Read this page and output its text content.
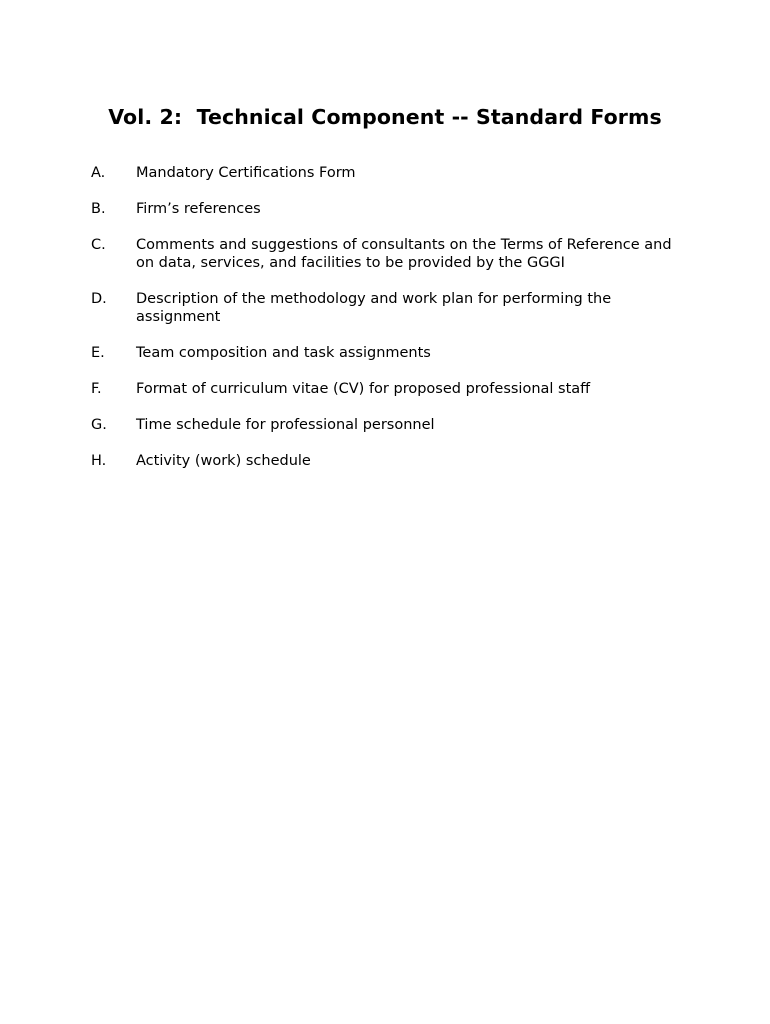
Vol. 2:  Technical Component -- Standard Forms
A.	Mandatory Certifications Form
B.	Firm’s references
C.	Comments and suggestions of consultants on the Terms of Reference and on data, services, and facilities to be provided by the GGGI
D.	Description of the methodology and work plan for performing the assignment
E.	Team composition and task assignments
F.	Format of curriculum vitae (CV) for proposed professional staff
G.	Time schedule for professional personnel
H.	Activity (work) schedule
